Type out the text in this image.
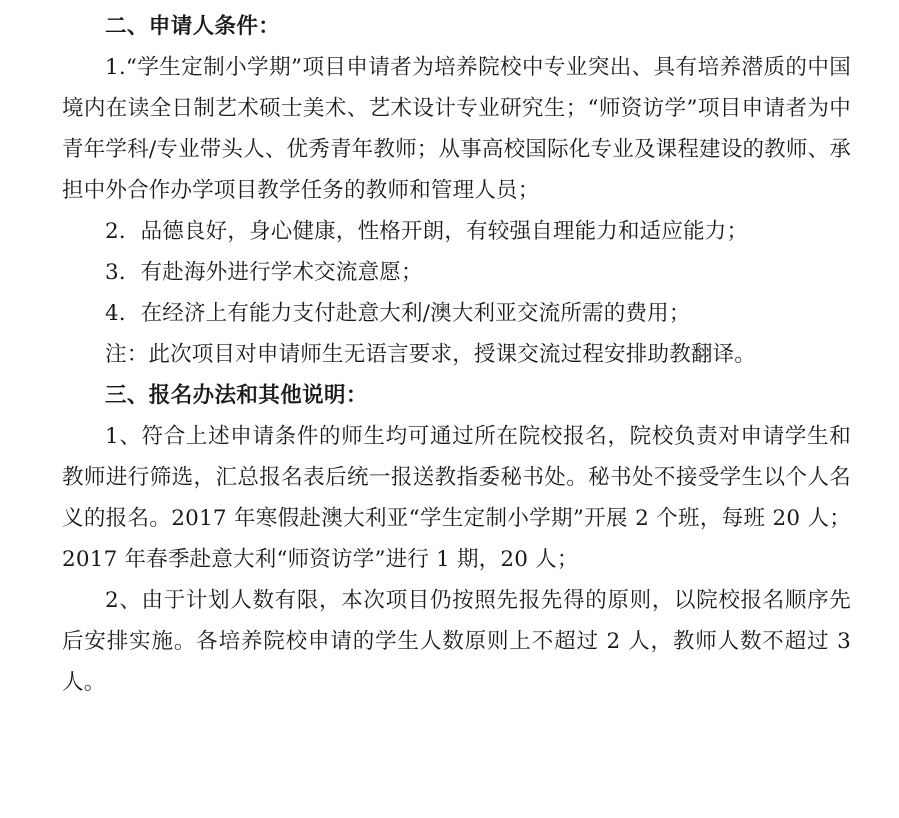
二、申请人条件：

1.“学生定制小学期”项目申请者为培养院校中专业突出、具有培养潜质的中国境内在读全日制艺术硕士美术、艺术设计专业研究生；“师资访学”项目申请者为中青年学科/专业带头人、优秀青年教师；从事高校国际化专业及课程建设的教师、承担中外合作办学项目教学任务的教师和管理人员；

2．品德良好，身心健康，性格开朗，有较强自理能力和适应能力；

3．有赴海外进行学术交流意愿；

4．在经济上有能力支付赴意大利/澳大利亚交流所需的费用；

注：此次项目对申请师生无语言要求，授课交流过程安排助教翻译。

三、报名办法和其他说明：

1、符合上述申请条件的师生均可通过所在院校报名，院校负责对申请学生和教师进行筛选，汇总报名表后统一报送教指委秘书处。秘书处不接受学生以个人名义的报名。2017 年寒假赴澳大利亚“学生定制小学期”开展 2 个班，每班 20 人；2017 年春季赴意大利“师资访学”进行 1 期，20 人；

2、由于计划人数有限，本次项目仍按照先报先得的原则，以院校报名顺序先后安排实施。各培养院校申请的学生人数原则上不超过 2 人，教师人数不超过 3 人。
